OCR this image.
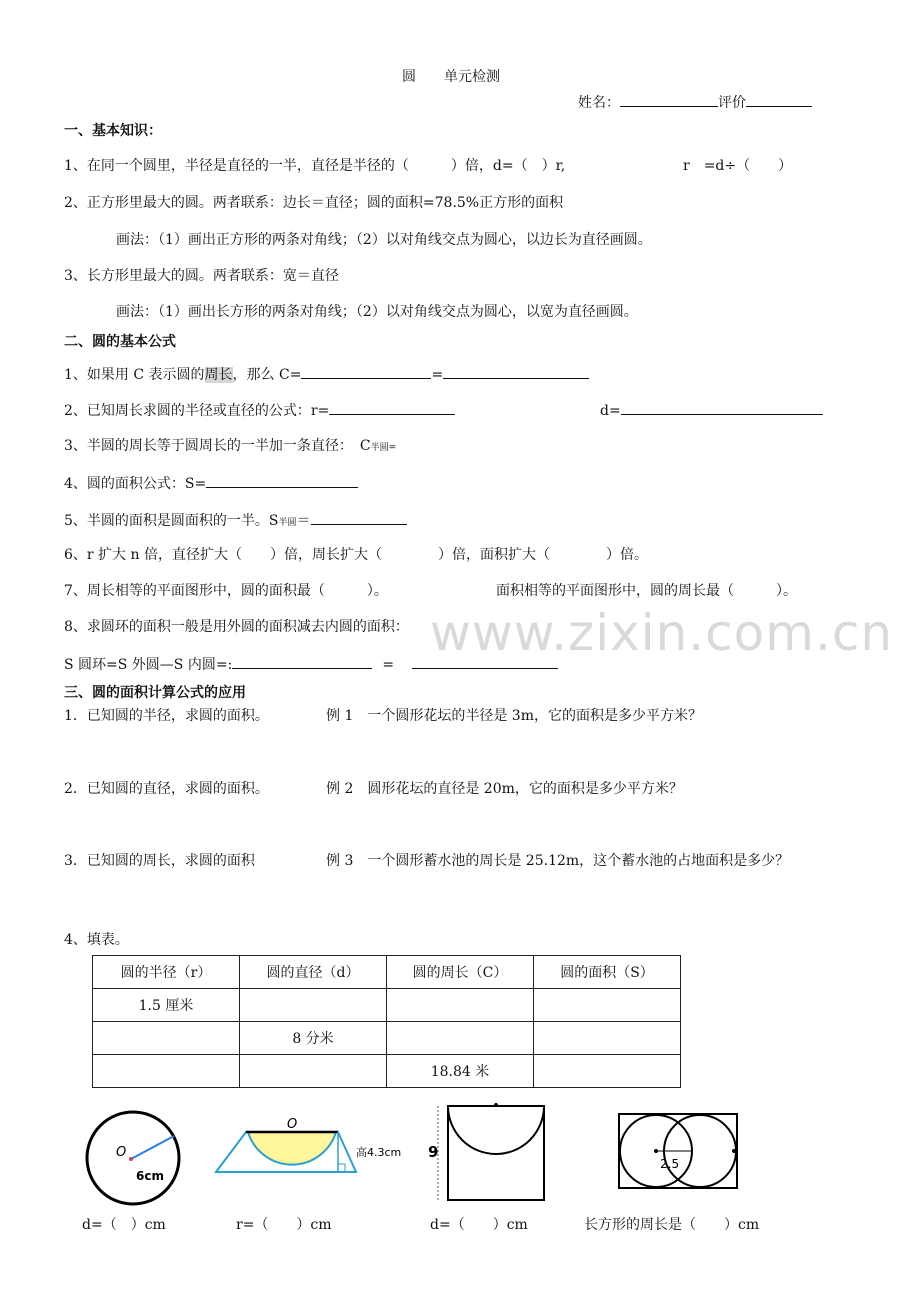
圆　　单元检测
姓名：	评价
一、基本知识：
1、在同一个圆里，半径是直径的一半，直径是半径的（　　　）倍，d=（　）r,	r　=d÷（　　）
2、正方形里最大的圆。两者联系：边长＝直径；圆的面积=78.5%正方形的面积
画法：（1）画出正方形的两条对角线；（2）以对角线交点为圆心，以边长为直径画圆。
3、长方形里最大的圆。两者联系：宽＝直径
画法：（1）画出长方形的两条对角线；（2）以对角线交点为圆心，以宽为直径画圆。
二、圆的基本公式
1、如果用 C 表示圆的周长，那么 C=	=
2、已知周长求圆的半径或直径的公式：r=	d=
3、半圆的周长等于圆周长的一半加一条直径：　C半圆=
4、圆的面积公式：S=
5、半圆的面积是圆面积的一半。S半圆＝
6、r 扩大 n 倍，直径扩大（　　）倍，周长扩大（　　　　）倍，面积扩大（　　　　）倍。
7、周长相等的平面图形中，圆的面积最（　　　）。	面积相等的平面图形中，圆的周长最（　　　）。
8、求圆环的面积一般是用外圆的面积减去内圆的面积：
S 圆环=S 外圆—S 内圆=:	=
www.zixin.com.cn
三、圆的面积计算公式的应用
1．已知圆的半径，求圆的面积。	例 1　一个圆形花坛的半径是 3m，它的面积是多少平方米？
2．已知圆的直径，求圆的面积。	例 2　圆形花坛的直径是 20m，它的面积是多少平方米？
3．已知圆的周长，求圆的面积	例 3　一个圆形蓄水池的周长是 25.12m，这个蓄水池的占地面积是多少？
4、填表。
圆的半径（r）	圆的直径（d）	圆的周长（C）	圆的面积（S）
1.5 厘米			
	8 分米		
		18.84 米	
O
6cm
d=（　）cm
O
高4.3cm
r=（　　）cm
9
d=（　　）cm
2.5
长方形的周长是（　　）cm
